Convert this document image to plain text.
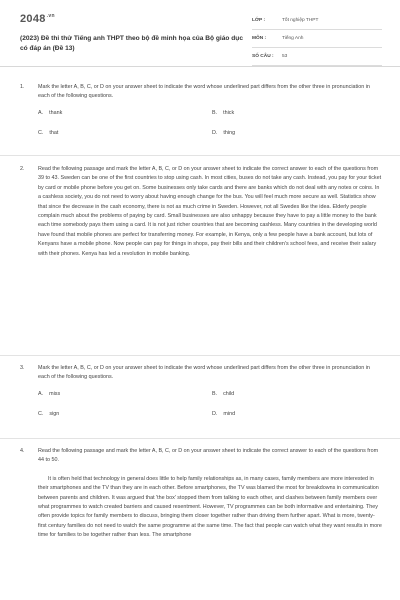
$2048^{.vn}$
(2023) Đề thi thử Tiếng anh THPT theo bộ đề minh họa của Bộ giáo dục có đáp án (Đề 13)
LỚP :	Tốt nghiệp THPT
MÔN :	Tiếng Anh
SỐ CÂU : 53
1.	Mark the letter A, B, C, or D on your answer sheet to indicate the word whose underlined part differs from the other three in pronunciation in each of the following questions.

A. thank	B. thick
C. that	D. thing
2.	Read the following passage and mark the letter A, B, C, or D on your answer sheet to indicate the correct answer to each of the questions from 39 to 43. Sweden can be one of the first countries to stop using cash. In most cities, buses do not take any cash. Instead, you pay for your ticket by card or mobile phone before you get on. Some businesses only take cards and there are banks which do not deal with any notes or coins. In a cashless society, you do not need to worry about having enough change for the bus. You will feel much more secure as well. Statistics show that since the decrease in the cash economy, there is not as much crime in Sweden. However, not all Swedes like the idea. Elderly people complain much about the problems of paying by card. Small businesses are also unhappy because they have to pay a little money to the bank each time somebody pays them using a card. It is not just richer countries that are becoming cashless. Many countries in the developing world have found that mobile phones are perfect for transferring money. For example, in Kenya, only a few people have a bank account, but lots of Kenyans have a mobile phone. Now people can pay for things in shops, pay their bills and their children's school fees, and receive their salary with their phones. Kenya has led a revolution in mobile banking.

3.	Mark the letter A, B, C, or D on your answer sheet to indicate the word whose underlined part differs from the other three in pronunciation in each of the following questions.

A. miss	B. child
C. sign	D. mind
4.	Read the following passage and mark the letter A, B, C, or D on your answer sheet to indicate the correct answer to each of the questions from 44 to 50.

It is often held that technology in general does little to help family relationships as, in many cases, family members are more interested in their smartphones and the TV than they are in each other. Before smartphones, the TV was blamed the most for breakdowns in communication between parents and children. It was argued that 'the box' stopped them from talking to each other, and clashes between family members over what programmes to watch created barriers and caused resentment. However, TV programmes can be both informative and entertaining. They often provide topics for family members to discuss, bringing them closer together rather than driving them further apart. What is more, twenty-first century families do not need to watch the same programme at the same time. The fact that people can watch what they want results in more time for families to be together rather than less. The smartphone
